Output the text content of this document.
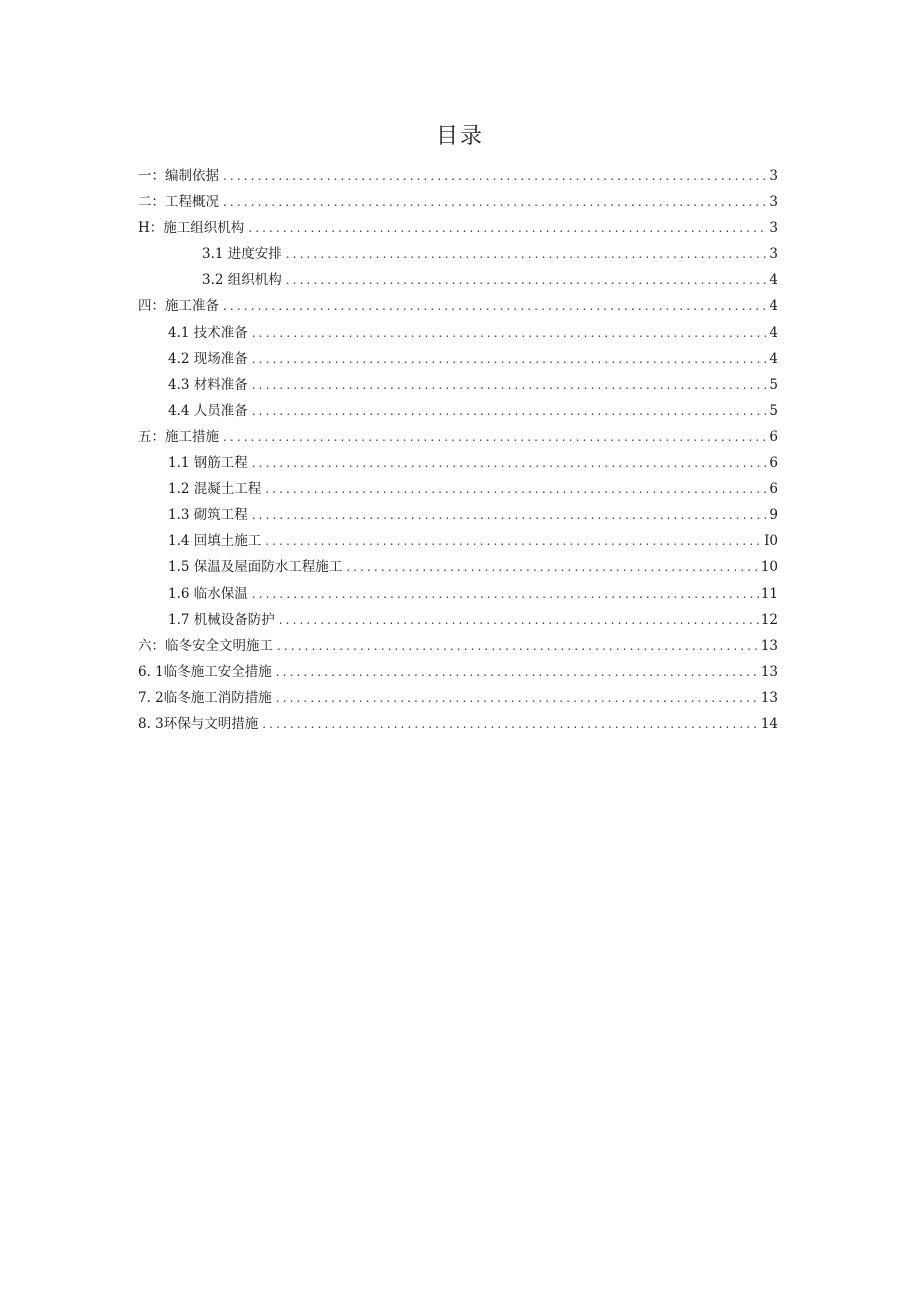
目录
一：编制依据 .....	3
二：工程概况 .....	3
H：施工组织机构 .....	3
3.1 进度安排 .....	3
3.2 组织机构 .....	4
四：施工准备 .....	4
4.1 技术准备 .....	4
4.2 现场准备 .....	4
4.3 材料准备 .....	5
4.4 人员准备 .....	5
五：施工措施 .....	6
1.1 钢筋工程 .....	6
1.2 混凝土工程 .....	6
1.3 砌筑工程 .....	9
1.4 回填土施工 .....	I0
1.5 保温及屋面防水工程施工 .....	10
1.6 临水保温 .....	11
1.7 机械设备防护 .....	12
六：临冬安全文明施工 .....	13
6. 1临冬施工安全措施 .....	13
7. 2临冬施工消防措施 .....	13
8. 3环保与文明措施 .....	14
